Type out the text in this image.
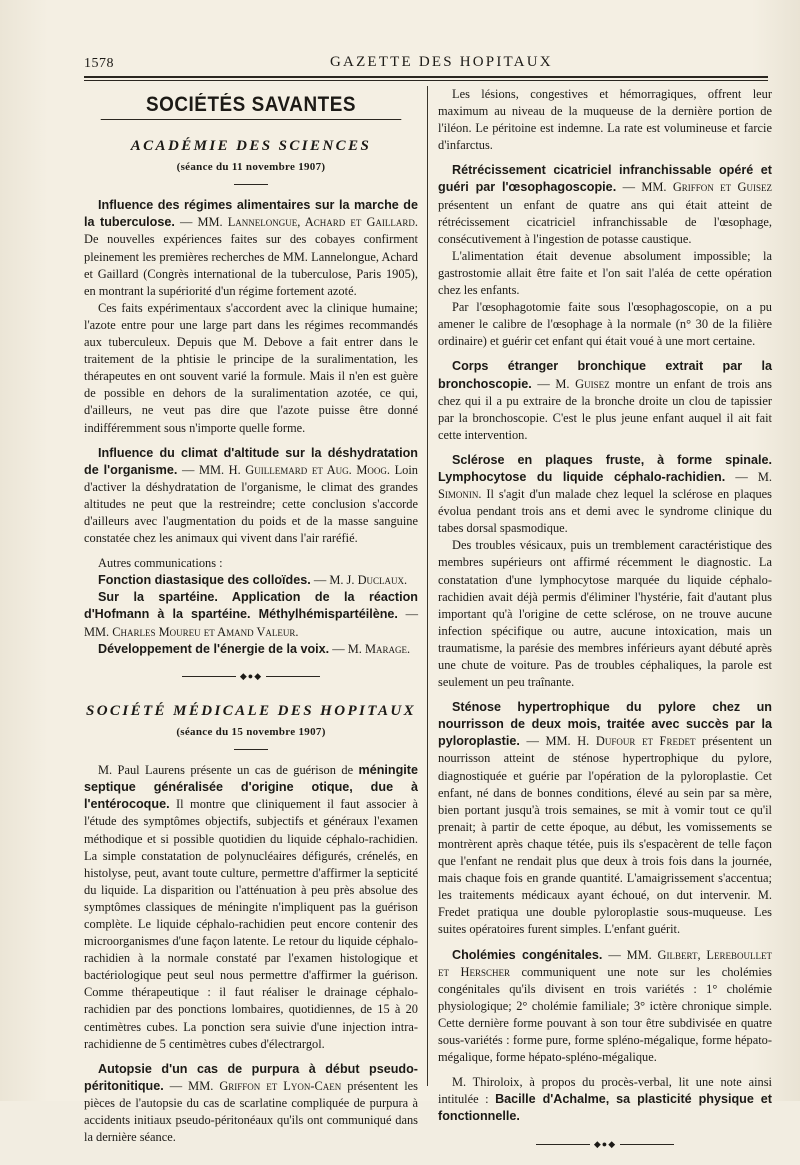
1578	GAZETTE DES HOPITAUX
SOCIÉTÉS SAVANTES
ACADÉMIE DES SCIENCES
(séance du 11 novembre 1907)

Influence des régimes alimentaires sur la marche de la tuberculose. — MM. Lannelongue, Achard et Gaillard. De nouvelles expériences faites sur des cobayes confirment pleinement les premières recherches de MM. Lannelongue, Achard et Gaillard (Congrès international de la tuberculose, Paris 1905), en montrant la supériorité d'un régime fortement azoté.

Ces faits expérimentaux s'accordent avec la clinique humaine; l'azote entre pour une large part dans les régimes recommandés aux tuberculeux. Depuis que M. Debove a fait entrer dans le traitement de la phtisie le principe de la suralimentation, les thérapeutes en ont souvent varié la formule. Mais il n'en est guère de possible en dehors de la suralimentation azotée, ce qui, d'ailleurs, ne veut pas dire que l'azote puisse être donné indifféremment sous n'importe quelle forme.

Influence du climat d'altitude sur la déshydratation de l'organisme. — MM. H. Guillemard et Aug. Moog. Loin d'activer la déshydratation de l'organisme, le climat des grandes altitudes ne peut que la restreindre; cette conclusion s'accorde d'ailleurs avec l'augmentation du poids et de la masse sanguine constatée chez les animaux qui vivent dans l'air raréfié.

Autres communications :

Fonction diastasique des colloïdes. — M. J. Duclaux.

Sur la spartéine. Application de la réaction d'Hofmann à la spartéine. Méthylhémispartéilène. — MM. Charles Moureu et Amand Valeur.

Développement de l'énergie de la voix. — M. Marage.

◆●◆
SOCIÉTÉ MÉDICALE DES HOPITAUX
(séance du 15 novembre 1907)

M. Paul Laurens présente un cas de guérison de méningite septique généralisée d'origine otique, due à l'entérocoque. Il montre que cliniquement il faut associer à l'étude des symptômes objectifs, subjectifs et généraux l'examen méthodique et si possible quotidien du liquide céphalo-rachidien. La simple constatation de polynucléaires défigurés, crénelés, en histolyse, peut, avant toute culture, permettre d'affirmer la septicité du liquide. La disparition ou l'atténuation à peu près absolue des symptômes classiques de méningite n'impliquent pas la guérison complète. Le liquide céphalo-rachidien peut encore contenir des microorganismes d'une façon latente. Le retour du liquide céphalo-rachidien à la normale constaté par l'examen histologique et bactériologique peut seul nous permettre d'affirmer la guérison. Comme thérapeutique : il faut réaliser le drainage céphalo-rachidien par des ponctions lombaires, quotidiennes, de 15 à 20 centimètres cubes. La ponction sera suivie d'une injection intra-rachidienne de 5 centimètres cubes d'électrargol.

Autopsie d'un cas de purpura à début pseudo-péritonitique. — MM. Griffon et Lyon-Caen présentent les pièces de l'autopsie du cas de scarlatine compliquée de purpura à accidents initiaux pseudo-péritonéaux qu'ils ont communiqué dans la dernière séance.

Les lésions, congestives et hémorragiques, offrent leur maximum au niveau de la muqueuse de la dernière portion de l'iléon. Le péritoine est indemne. La rate est volumineuse et farcie d'infarctus.

Rétrécissement cicatriciel infranchissable opéré et guéri par l'œsophagoscopie. — MM. Griffon et Guisez présentent un enfant de quatre ans qui était atteint de rétrécissement cicatriciel infranchissable de l'œsophage, consécutivement à l'ingestion de potasse caustique.

L'alimentation était devenue absolument impossible; la gastrostomie allait être faite et l'on sait l'aléa de cette opération chez les enfants.

Par l'œsophagotomie faite sous l'œsophagoscopie, on a pu amener le calibre de l'œsophage à la normale (n° 30 de la filière ordinaire) et guérir cet enfant qui était voué à une mort certaine.

Corps étranger bronchique extrait par la bronchoscopie. — M. Guisez montre un enfant de trois ans chez qui il a pu extraire de la bronche droite un clou de tapissier par la bronchoscopie. C'est le plus jeune enfant auquel il ait fait cette intervention.

Sclérose en plaques fruste, à forme spinale. Lymphocytose du liquide céphalo-rachidien. — M. Simonin. Il s'agit d'un malade chez lequel la sclérose en plaques évolua pendant trois ans et demi avec le syndrome clinique du tabes dorsal spasmodique.

Des troubles vésicaux, puis un tremblement caractéristique des membres supérieurs ont affirmé récemment le diagnostic. La constatation d'une lymphocytose marquée du liquide céphalo-rachidien avait déjà permis d'éliminer l'hystérie, fait d'autant plus important qu'à l'origine de cette sclérose, on ne trouve aucune infection spécifique ou autre, aucune intoxication, mais un traumatisme, la parésie des membres inférieurs ayant débuté après une chute de voiture. Pas de troubles céphaliques, la parole est seulement un peu traînante.

Sténose hypertrophique du pylore chez un nourrisson de deux mois, traitée avec succès par la pyloroplastie. — MM. H. Dufour et Fredet présentent un nourrisson atteint de sténose hypertrophique du pylore, diagnostiquée et guérie par l'opération de la pyloroplastie. Cet enfant, né dans de bonnes conditions, élevé au sein par sa mère, bien portant jusqu'à trois semaines, se mit à vomir tout ce qu'il prenait; à partir de cette époque, au début, les vomissements se montrèrent après chaque tétée, puis ils s'espacèrent de telle façon que l'enfant ne rendait plus que deux à trois fois dans la journée, mais chaque fois en grande quantité. L'amaigrissement s'accentua; les traitements médicaux ayant échoué, on dut intervenir. M. Fredet pratiqua une double pyloroplastie sous-muqueuse. Les suites opératoires furent simples. L'enfant guérit.

Cholémies congénitales. — MM. Gilbert, Lereboullet et Herscher communiquent une note sur les cholémies congénitales qu'ils divisent en trois variétés : 1° cholémie physiologique; 2° cholémie familiale; 3° ictère chronique simple. Cette dernière forme pouvant à son tour être subdivisée en quatre sous-variétés : forme pure, forme spléno-mégalique, forme hépato-mégalique, forme hépato-spléno-mégalique.

M. Thiroloix, à propos du procès-verbal, lit une note ainsi intitulée : Bacille d'Achalme, sa plasticité physique et fonctionnelle.

◆●◆
